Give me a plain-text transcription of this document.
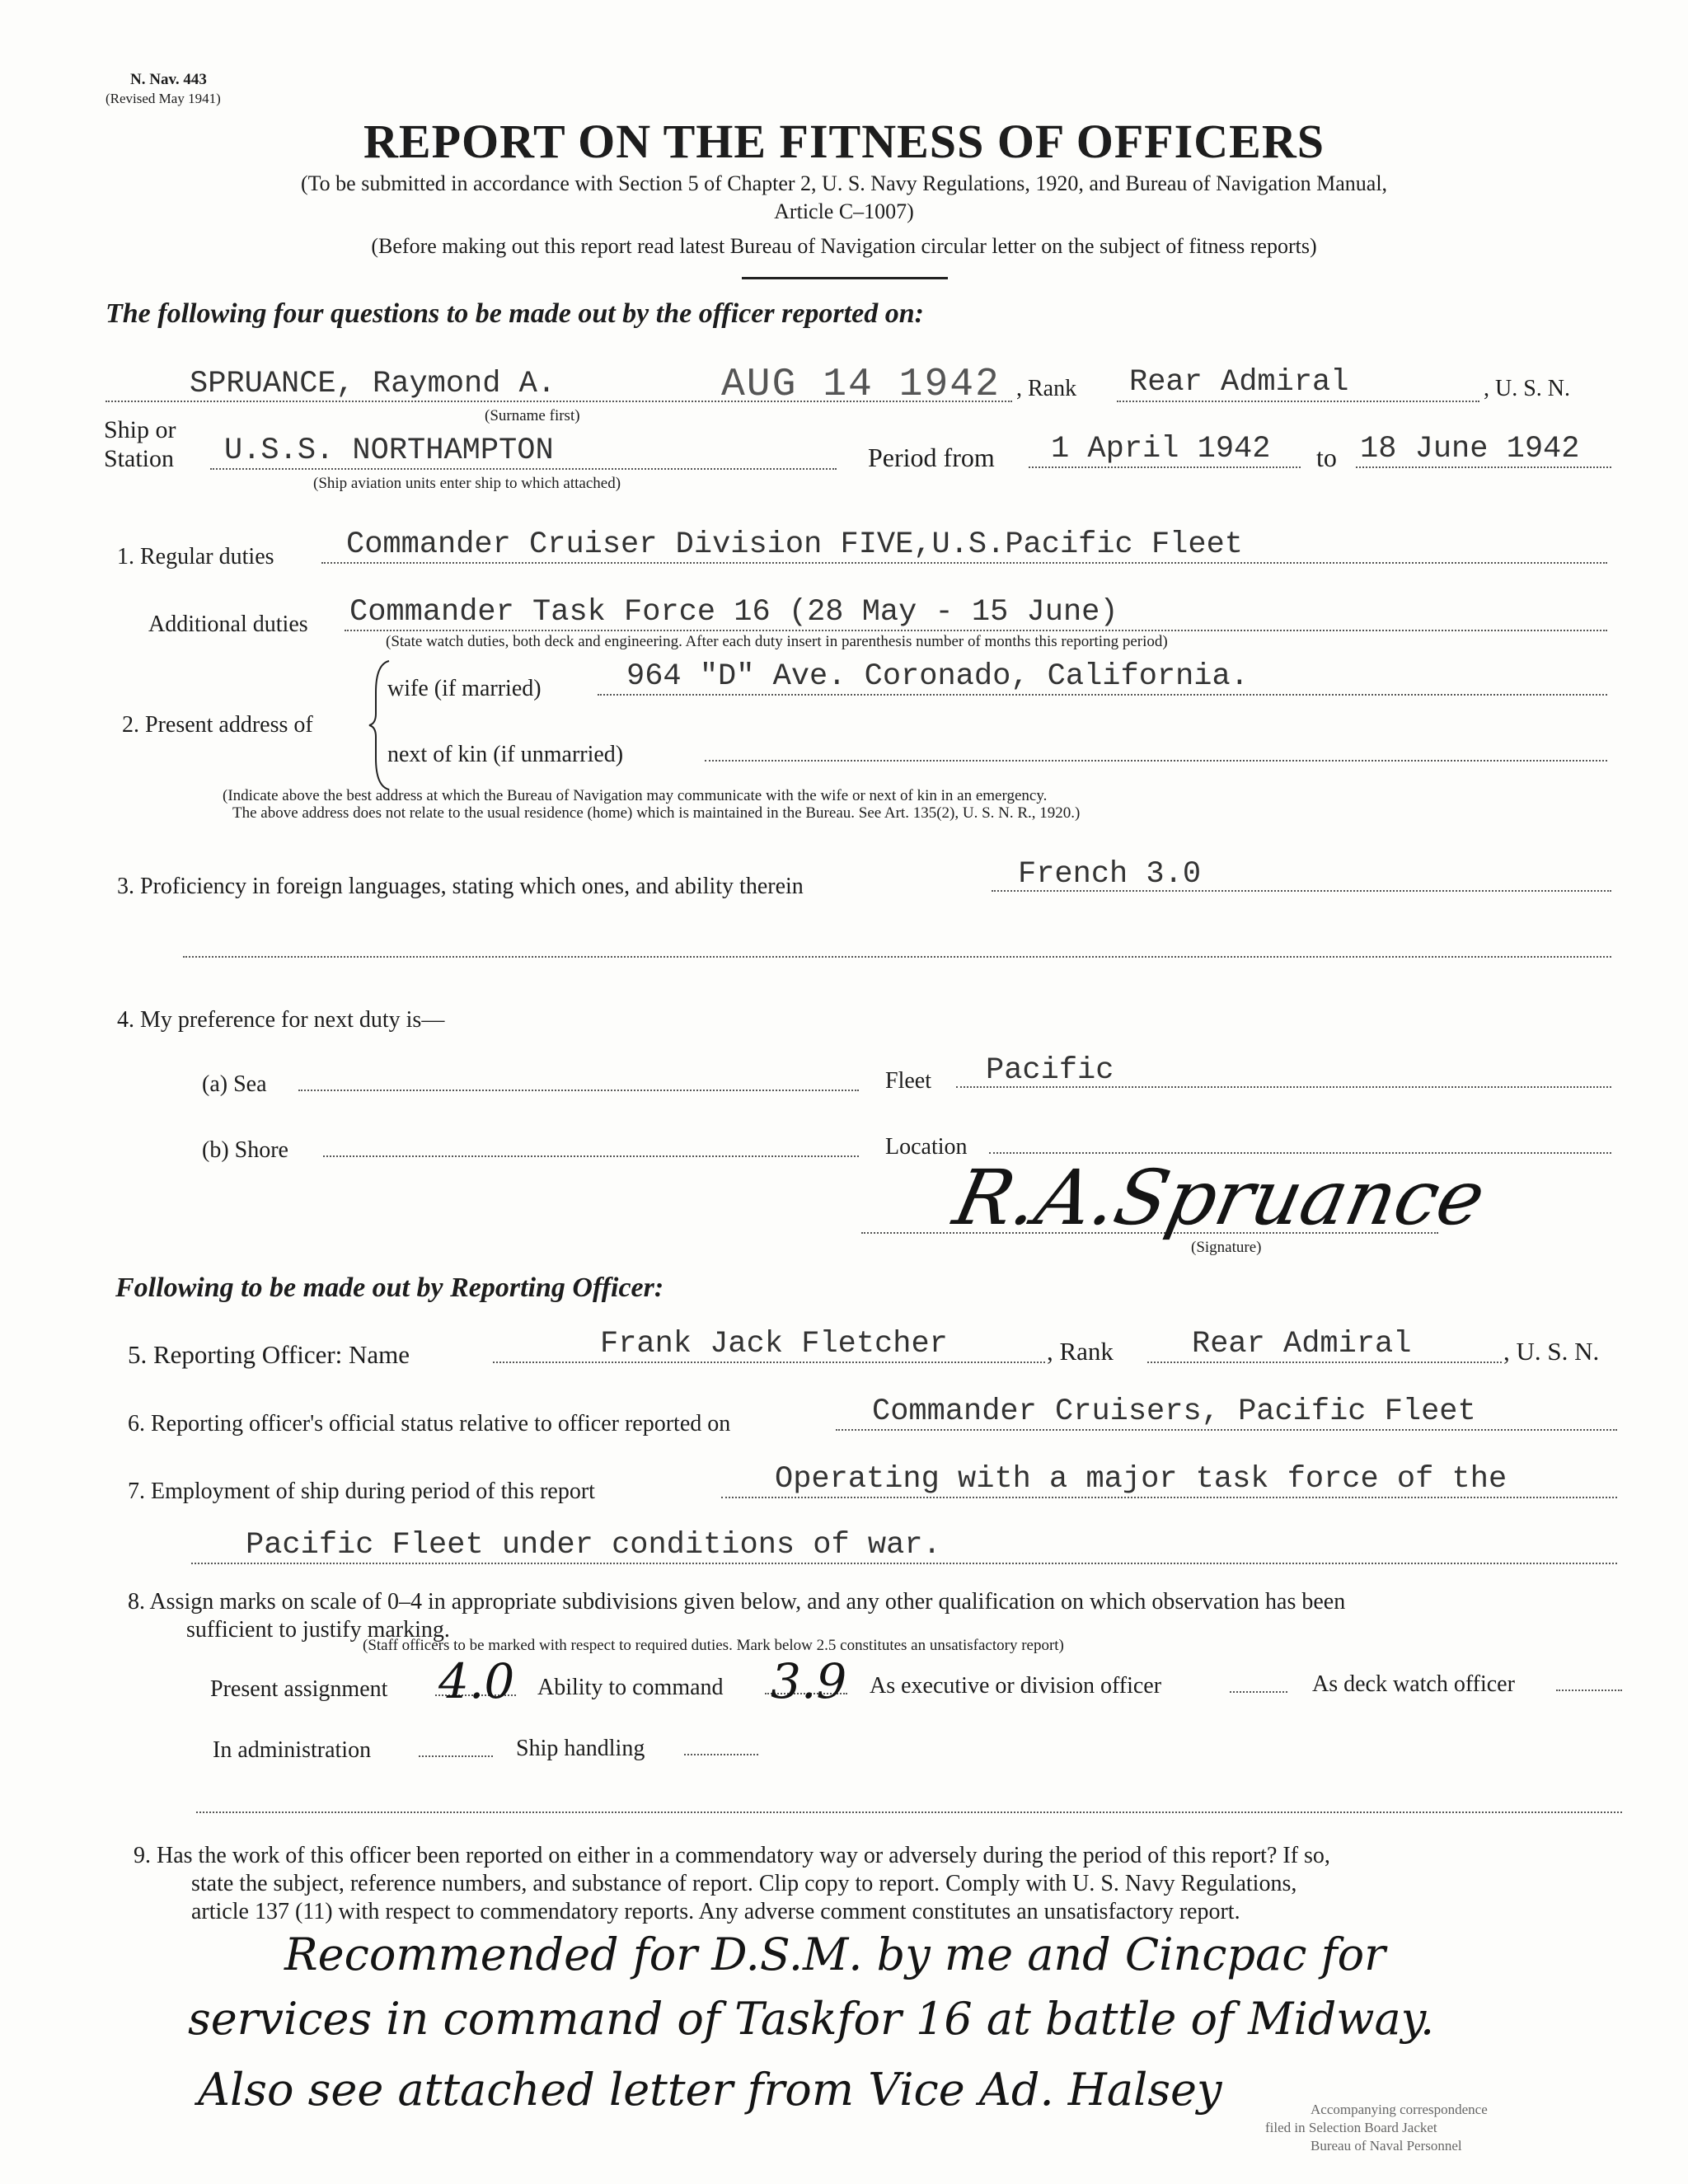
N. Nav. 443
(Revised May 1941)
REPORT ON THE FITNESS OF OFFICERS
(To be submitted in accordance with Section 5 of Chapter 2, U. S. Navy Regulations, 1920, and Bureau of Navigation Manual,
Article C–1007)
(Before making out this report read latest Bureau of Navigation circular letter on the subject of fitness reports)
The following four questions to be made out by the officer reported on:
SPRUANCE, Raymond A.
(Surname first)
AUG 14 1942 , Rank Rear Admiral	, U. S. N.
Ship or
Station U.S.S. NORTHAMPTON
(Ship aviation units enter ship to which attached)
Period from 1 April 1942 to 18 June 1942
1. Regular duties Commander Cruiser Division FIVE,U.S.Pacific Fleet
Additional duties Commander Task Force 16 (28 May - 15 June)
(State watch duties, both deck and engineering. After each duty insert in parenthesis number of months this reporting period)
2. Present address of
wife (if married)	964 "D" Ave. Coronado, California.
next of kin (if unmarried)
(Indicate above the best address at which the Bureau of Navigation may communicate with the wife or next of kin in an emergency.
The above address does not relate to the usual residence (home) which is maintained in the Bureau. See Art. 135(2), U. S. N. R., 1920.)
3. Proficiency in foreign languages, stating which ones, and ability therein	French 3.0
4. My preference for next duty is—
(a) Sea	Fleet Pacific
(b) Shore	Location
R.A.Spruance
(Signature)
Following to be made out by Reporting Officer:
5. Reporting Officer: Name	Frank Jack Fletcher	, Rank	Rear Admiral	, U. S. N.
6. Reporting officer's official status relative to officer reported on	Commander Cruisers, Pacific Fleet
7. Employment of ship during period of this report	Operating with a major task force of the
Pacific Fleet under conditions of war.
8. Assign marks on scale of 0–4 in appropriate subdivisions given below, and any other qualification on which observation has been
sufficient to justify marking.
(Staff officers to be marked with respect to required duties. Mark below 2.5 constitutes an unsatisfactory report)
Present assignment 4.0 Ability to command 3.9 As executive or division officer	As deck watch officer
In administration	Ship handling
9. Has the work of this officer been reported on either in a commendatory way or adversely during the period of this report? If so,
state the subject, reference numbers, and substance of report. Clip copy to report. Comply with U. S. Navy Regulations,
article 137 (11) with respect to commendatory reports. Any adverse comment constitutes an unsatisfactory report.
Recommended for D.S.M. by me and Cincpac for
services in command of Taskfor 16 at battle of Midway.
Also see attached letter from Vice Ad. Halsey	Accompanying correspondence
filed in Selection Board Jacket
Bureau of Naval Personnel
